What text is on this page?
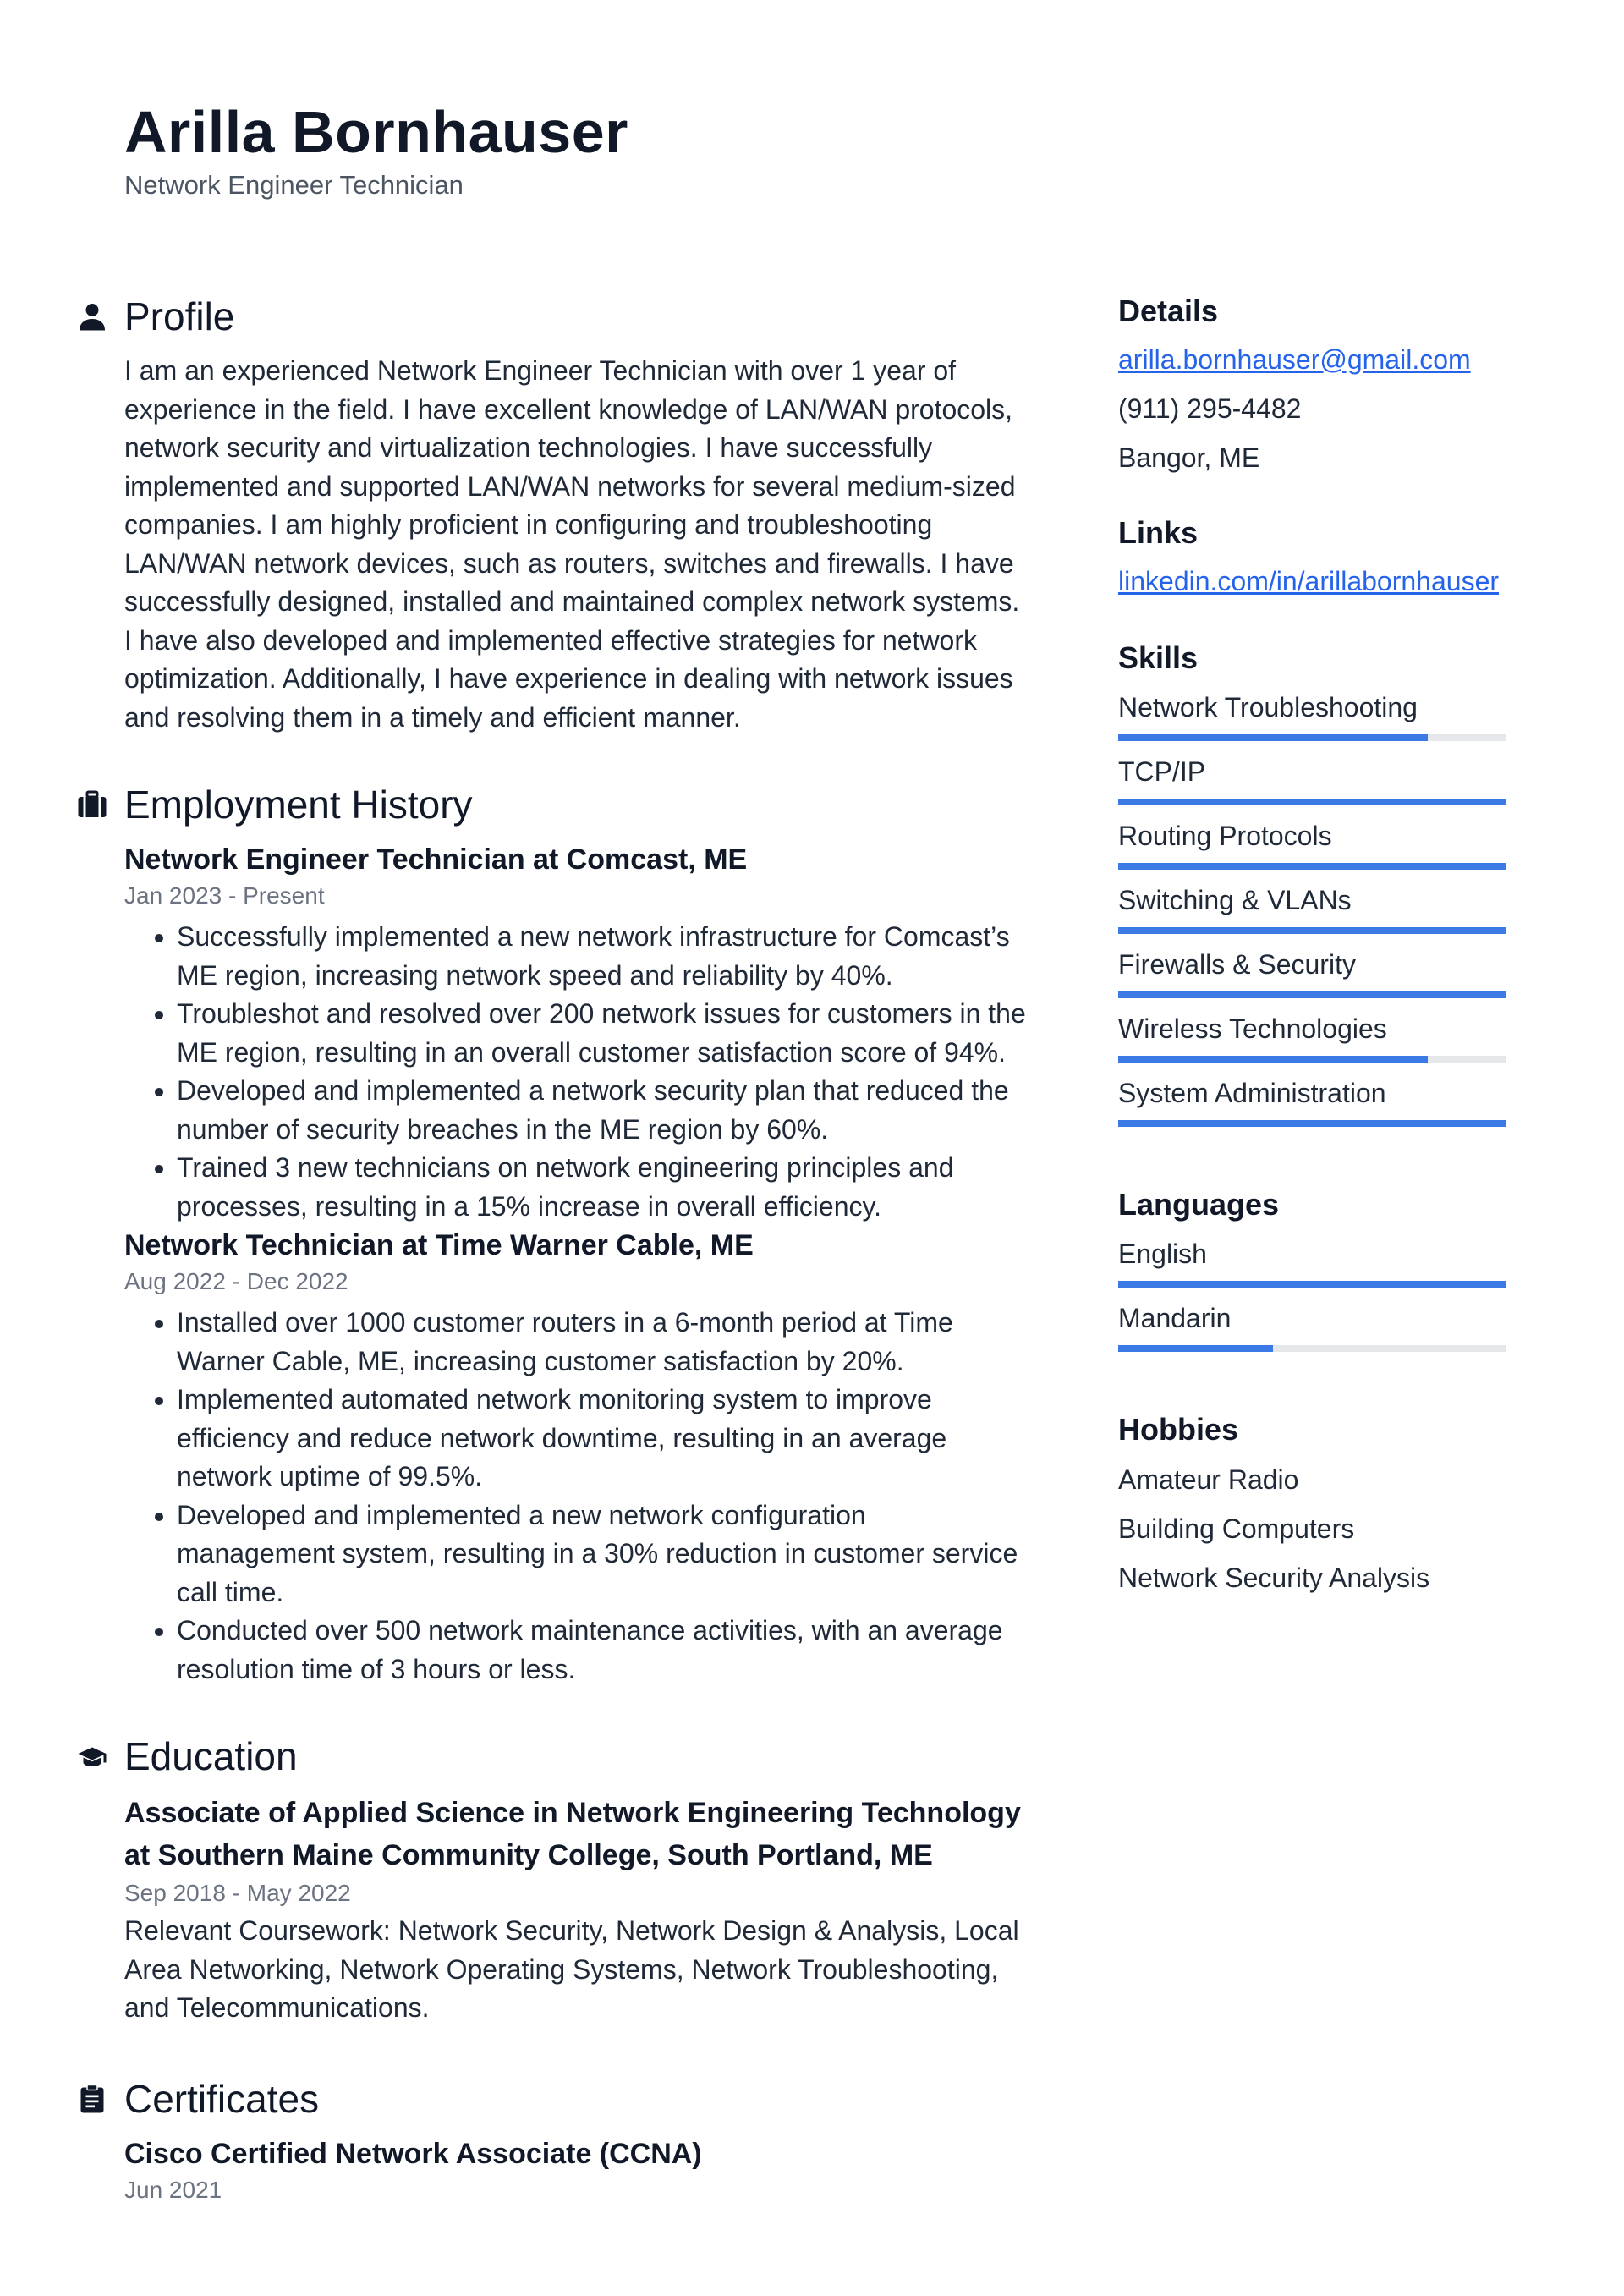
Arilla Bornhauser
Network Engineer Technician
Profile
I am an experienced Network Engineer Technician with over 1 year of experience in the field. I have excellent knowledge of LAN/WAN protocols, network security and virtualization technologies. I have successfully implemented and supported LAN/WAN networks for several medium-sized companies. I am highly proficient in configuring and troubleshooting LAN/WAN network devices, such as routers, switches and firewalls. I have successfully designed, installed and maintained complex network systems. I have also developed and implemented effective strategies for network optimization. Additionally, I have experience in dealing with network issues and resolving them in a timely and efficient manner.
Employment History
Network Engineer Technician at Comcast, ME
Jan 2023 - Present
• Successfully implemented a new network infrastructure for Comcast’s ME region, increasing network speed and reliability by 40%.
• Troubleshot and resolved over 200 network issues for customers in the ME region, resulting in an overall customer satisfaction score of 94%.
• Developed and implemented a network security plan that reduced the number of security breaches in the ME region by 60%.
• Trained 3 new technicians on network engineering principles and processes, resulting in a 15% increase in overall efficiency.
Network Technician at Time Warner Cable, ME
Aug 2022 - Dec 2022
• Installed over 1000 customer routers in a 6-month period at Time Warner Cable, ME, increasing customer satisfaction by 20%.
• Implemented automated network monitoring system to improve efficiency and reduce network downtime, resulting in an average network uptime of 99.5%.
• Developed and implemented a new network configuration management system, resulting in a 30% reduction in customer service call time.
• Conducted over 500 network maintenance activities, with an average resolution time of 3 hours or less.
Education
Associate of Applied Science in Network Engineering Technology at Southern Maine Community College, South Portland, ME
Sep 2018 - May 2022
Relevant Coursework: Network Security, Network Design & Analysis, Local Area Networking, Network Operating Systems, Network Troubleshooting, and Telecommunications.
Certificates
Cisco Certified Network Associate (CCNA)
Jun 2021
Details
arilla.bornhauser@gmail.com
(911) 295-4482
Bangor, ME
Links
linkedin.com/in/arillabornhauser
Skills
Network Troubleshooting
TCP/IP
Routing Protocols
Switching & VLANs
Firewalls & Security
Wireless Technologies
System Administration
Languages
English
Mandarin
Hobbies
Amateur Radio
Building Computers
Network Security Analysis
